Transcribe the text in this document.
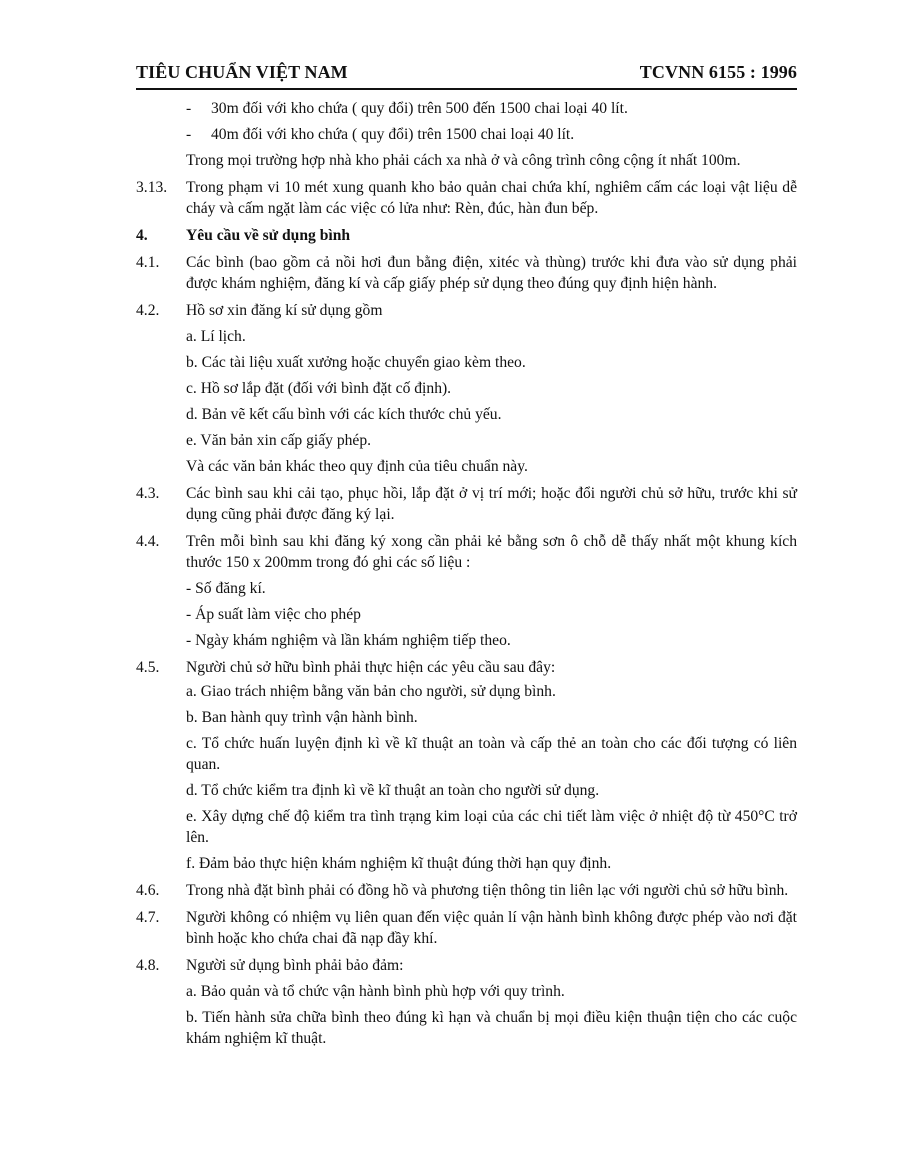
TIÊU CHUẨN VIỆT NAM	TCVNN 6155 : 1996
-	30m đối với kho chứa ( quy đổi) trên 500 đến 1500 chai loại 40 lít.
-	40m đối với kho chứa ( quy đổi) trên 1500 chai loại 40 lít.
Trong mọi trường hợp nhà kho phải cách xa nhà ở và công trình công cộng ít nhất 100m.
3.13.	Trong phạm vi 10 mét xung quanh kho bảo quản chai chứa khí, nghiêm cấm các loại vật liệu dễ cháy và cấm ngặt làm các việc có lửa như: Rèn, đúc, hàn đun bếp.
4.	Yêu cầu về sử dụng bình
4.1.	Các bình (bao gồm cả nồi hơi đun bằng điện, xitéc và thùng) trước khi đưa vào sử dụng phải được khám nghiệm, đăng kí và cấp giấy phép sử dụng theo đúng quy định hiện hành.
4.2.	Hồ sơ xin đăng kí sử dụng gồm
a. Lí lịch.
b. Các tài liệu xuất xưởng hoặc chuyển giao kèm theo.
c. Hồ sơ lắp đặt (đối với bình đặt cố định).
d. Bản vẽ kết cấu bình với các kích thước chủ yếu.
e. Văn bản xin cấp giấy phép.
Và các văn bản khác theo quy định của tiêu chuẩn này.
4.3.	Các bình sau khi cải tạo, phục hồi, lắp đặt ở vị trí mới; hoặc đổi người chủ sở hữu, trước khi sử dụng cũng phải được đăng ký lại.
4.4.	Trên mỗi bình sau khi đăng ký xong cần phải kẻ bằng sơn ô chỗ dễ thấy nhất một khung kích thước 150 x 200mm trong đó ghi các số liệu :
- Số đăng kí.
- Áp suất làm việc cho phép
- Ngày khám nghiệm và lần khám nghiệm tiếp theo.
4.5.	Người chủ sở hữu bình phải thực hiện các yêu cầu sau đây:
a. Giao trách nhiệm bằng văn bản cho người, sử dụng bình.
b. Ban hành quy trình vận hành bình.
c. Tổ chức huấn luyện định kì về kĩ thuật an toàn và cấp thẻ an toàn cho các đối tượng có liên quan.
d. Tổ chức kiểm tra định kì về kĩ thuật an toàn cho người sử dụng.
e. Xây dựng chế độ kiểm tra tình trạng kim loại của các chi tiết làm việc ở nhiệt độ từ 450°C trở lên.
f. Đảm bảo thực hiện khám nghiệm kĩ thuật đúng thời hạn quy định.
4.6.	Trong nhà đặt bình phải có đồng hồ và phương tiện thông tin liên lạc với người chủ sở hữu bình.
4.7.	Người không có nhiệm vụ liên quan đến việc quản lí vận hành bình không được phép vào nơi đặt bình hoặc kho chứa chai đã nạp đầy khí.
4.8.	Người sử dụng bình phải bảo đảm:
a. Bảo quản và tổ chức vận hành bình phù hợp với quy trình.
b. Tiến hành sửa chữa bình theo đúng kì hạn và chuẩn bị mọi điều kiện thuận tiện cho các cuộc khám nghiệm kĩ thuật.
